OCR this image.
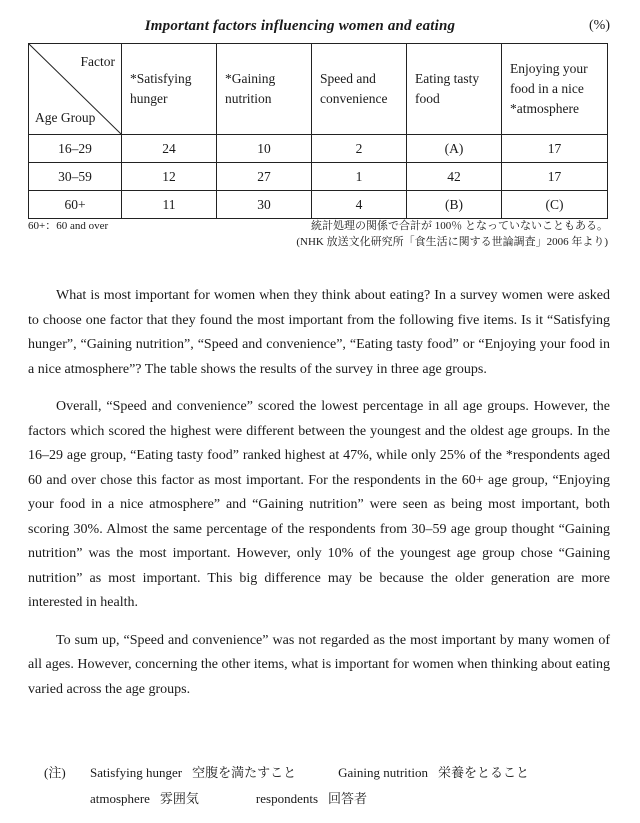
Important factors influencing women and eating	(%)
Factor
Age Group	*Satisfying hunger	*Gaining nutrition	Speed and convenience	Eating tasty food	Enjoying your food in a nice *atmosphere
16–29	24	10	2	(A)	17
30–59	12	27	1	42	17
60+	11	30	4	(B)	(C)
60+：60 and over	統計処理の関係で合計が 100％ となっていないこともある。
(NHK 放送文化研究所「食生活に関する世論調査」2006 年より)

What is most important for women when they think about eating? In a survey women were asked to choose one factor that they found the most important from the following five items. Is it “Satisfying hunger”, “Gaining nutrition”, “Speed and convenience”, “Eating tasty food” or “Enjoying your food in a nice atmosphere”? The table shows the results of the survey in three age groups.

Overall, “Speed and convenience” scored the lowest percentage in all age groups. However, the factors which scored the highest were different between the youngest and the oldest age groups. In the 16–29 age group, “Eating tasty food” ranked highest at 47%, while only 25% of the *respondents aged 60 and over chose this factor as most important. For the respondents in the 60+ age group, “Enjoying your food in a nice atmosphere” and “Gaining nutrition” were seen as being most important, both scoring 30%. Almost the same percentage of the respondents from 30–59 age group thought “Gaining nutrition” was the most important. However, only 10% of the youngest age group chose “Gaining nutrition” as most important. This big difference may be because the older generation are more interested in health.

To sum up, “Speed and convenience” was not regarded as the most important by many women of all ages. However, concerning the other items, what is important for women when thinking about eating varied across the age groups.

(注)	Satisfying hunger 空腹を満たすこと	Gaining nutrition 栄養をとること
atmosphere 雰囲気	respondents 回答者
